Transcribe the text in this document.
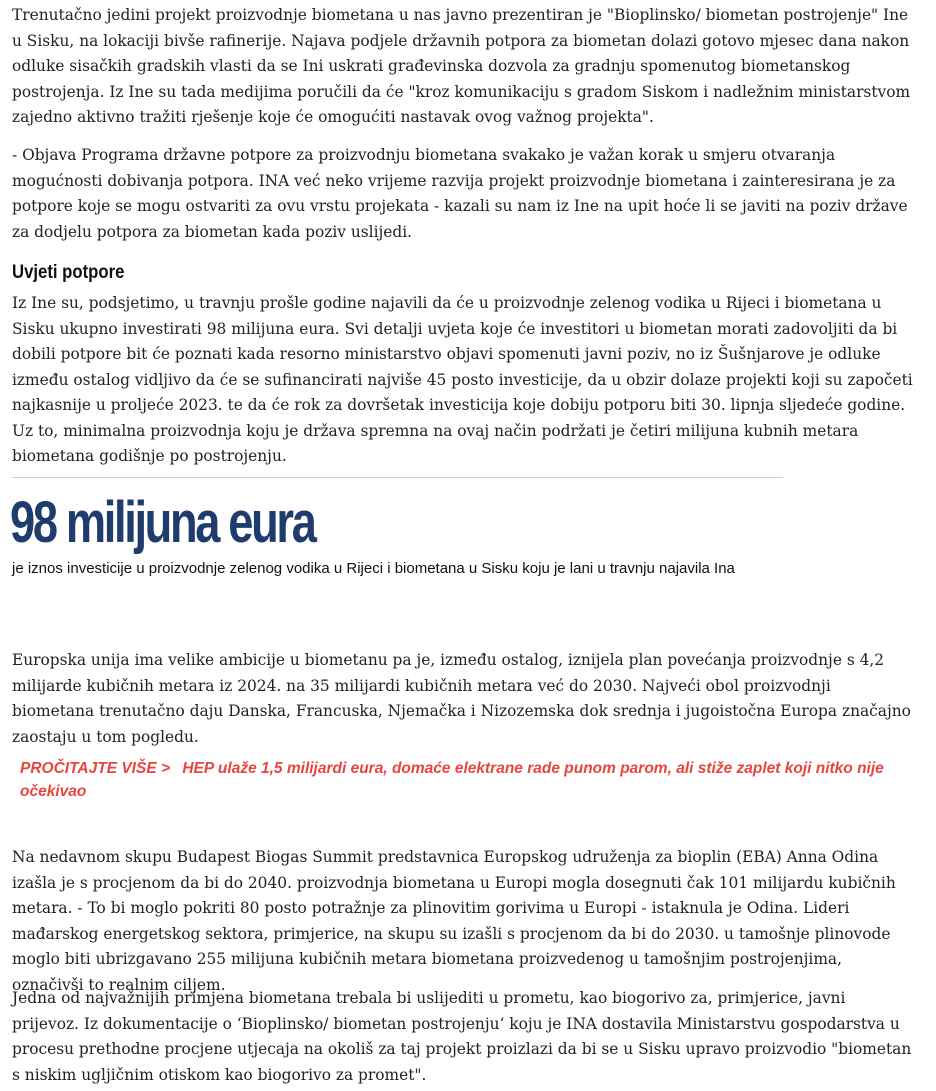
Trenutačno jedini projekt proizvodnje biometana u nas javno prezentiran je "Bioplinsko/ biometan postrojenje" Ine u Sisku, na lokaciji bivše rafinerije. Najava podjele državnih potpora za biometan dolazi gotovo mjesec dana nakon odluke sisačkih gradskih vlasti da se Ini uskrati građevinska dozvola za gradnju spomenutog biometanskog postrojenja. Iz Ine su tada medijima poručili da će "kroz komunikaciju s gradom Siskom i nadležnim ministarstvom zajedno aktivno tražiti rješenje koje će omogućiti nastavak ovog važnog projekta".

- Objava Programa državne potpore za proizvodnju biometana svakako je važan korak u smjeru otvaranja mogućnosti dobivanja potpora. INA već neko vrijeme razvija projekt proizvodnje biometana i zainteresirana je za potpore koje se mogu ostvariti za ovu vrstu projekata - kazali su nam iz Ine na upit hoće li se javiti na poziv države za dodjelu potpora za biometan kada poziv uslijedi.

Uvjeti potpore

Iz Ine su, podsjetimo, u travnju prošle godine najavili da će u proizvodnje zelenog vodika u Rijeci i biometana u Sisku ukupno investirati 98 milijuna eura. Svi detalji uvjeta koje će investitori u biometan morati zadovoljiti da bi dobili potpore bit će poznati kada resorno ministarstvo objavi spomenuti javni poziv, no iz Šušnjarove je odluke između ostalog vidljivo da će se sufinancirati najviše 45 posto investicije, da u obzir dolaze projekti koji su započeti najkasnije u proljeće 2023. te da će rok za dovršetak investicija koje dobiju potporu biti 30. lipnja sljedeće godine. Uz to, minimalna proizvodnja koju je država spremna na ovaj način podržati je četiri milijuna kubnih metara biometana godišnje po postrojenju.

98 milijuna eura

je iznos investicije u proizvodnje zelenog vodika u Rijeci i biometana u Sisku koju je lani u travnju najavila Ina

Europska unija ima velike ambicije u biometanu pa je, između ostalog, iznijela plan povećanja proizvodnje s 4,2 milijarde kubičnih metara iz 2024. na 35 milijardi kubičnih metara već do 2030. Najveći obol proizvodnji biometana trenutačno daju Danska, Francuska, Njemačka i Nizozemska dok srednja i jugoistočna Europa značajno zaostaju u tom pogledu.

PROČITAJTE VIŠE > HEP ulaže 1,5 milijardi eura, domaće elektrane rade punom parom, ali stiže zaplet koji nitko nije očekivao

Na nedavnom skupu Budapest Biogas Summit predstavnica Europskog udruženja za bioplin (EBA) Anna Odina izašla je s procjenom da bi do 2040. proizvodnja biometana u Europi mogla dosegnuti čak 101 milijardu kubičnih metara. - To bi moglo pokriti 80 posto potražnje za plinovitim gorivima u Europi - istaknula je Odina. Lideri mađarskog energetskog sektora, primjerice, na skupu su izašli s procjenom da bi do 2030. u tamošnje plinovode moglo biti ubrizgavano 255 milijuna kubičnih metara biometana proizvedenog u tamošnjim postrojenjima, označivši to realnim ciljem.

Jedna od najvažnijih primjena biometana trebala bi uslijediti u prometu, kao biogorivo za, primjerice, javni prijevoz. Iz dokumentacije o ‘Bioplinsko/ biometan postrojenju‘ koju je INA dostavila Ministarstvu gospodarstva u procesu prethodne procjene utjecaja na okoliš za taj projekt proizlazi da bi se u Sisku upravo proizvodio "biometan s niskim ugljičnim otiskom kao biogorivo za promet".
